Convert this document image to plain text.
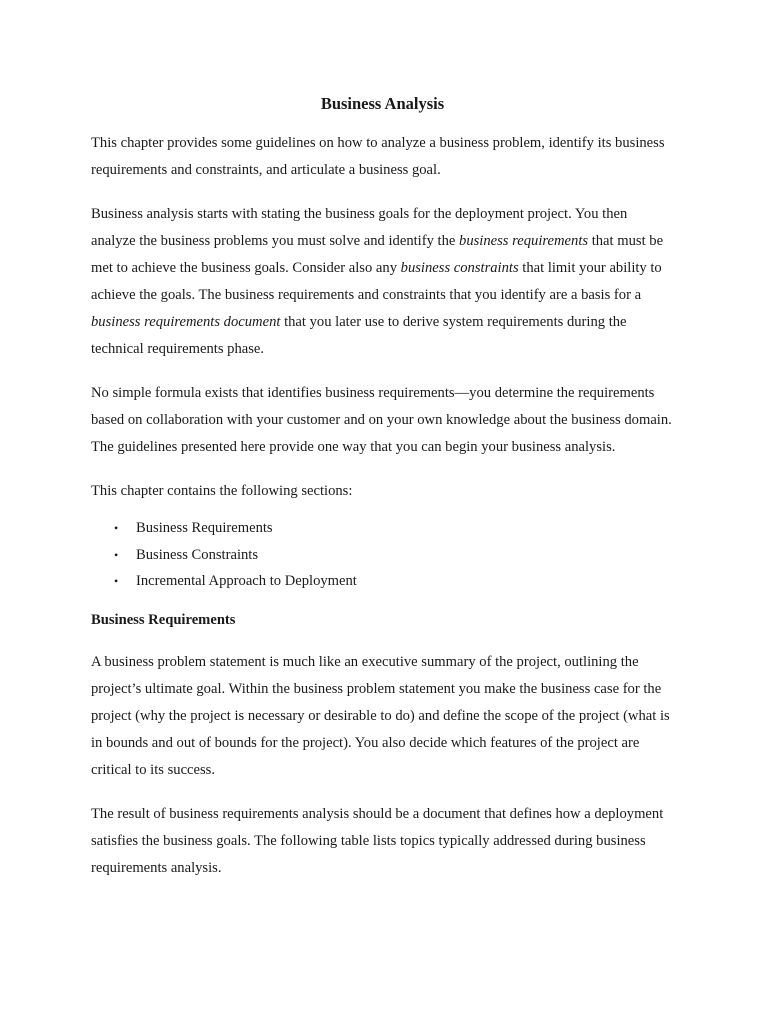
Business Analysis

This chapter provides some guidelines on how to analyze a business problem, identify its business requirements and constraints, and articulate a business goal.

Business analysis starts with stating the business goals for the deployment project. You then analyze the business problems you must solve and identify the business requirements that must be met to achieve the business goals. Consider also any business constraints that limit your ability to achieve the goals. The business requirements and constraints that you identify are a basis for a business requirements document that you later use to derive system requirements during the technical requirements phase.

No simple formula exists that identifies business requirements—you determine the requirements based on collaboration with your customer and on your own knowledge about the business domain. The guidelines presented here provide one way that you can begin your business analysis.

This chapter contains the following sections:

• Business Requirements
• Business Constraints
• Incremental Approach to Deployment

Business Requirements

A business problem statement is much like an executive summary of the project, outlining the project’s ultimate goal. Within the business problem statement you make the business case for the project (why the project is necessary or desirable to do) and define the scope of the project (what is in bounds and out of bounds for the project). You also decide which features of the project are critical to its success.

The result of business requirements analysis should be a document that defines how a deployment satisfies the business goals. The following table lists topics typically addressed during business requirements analysis.
